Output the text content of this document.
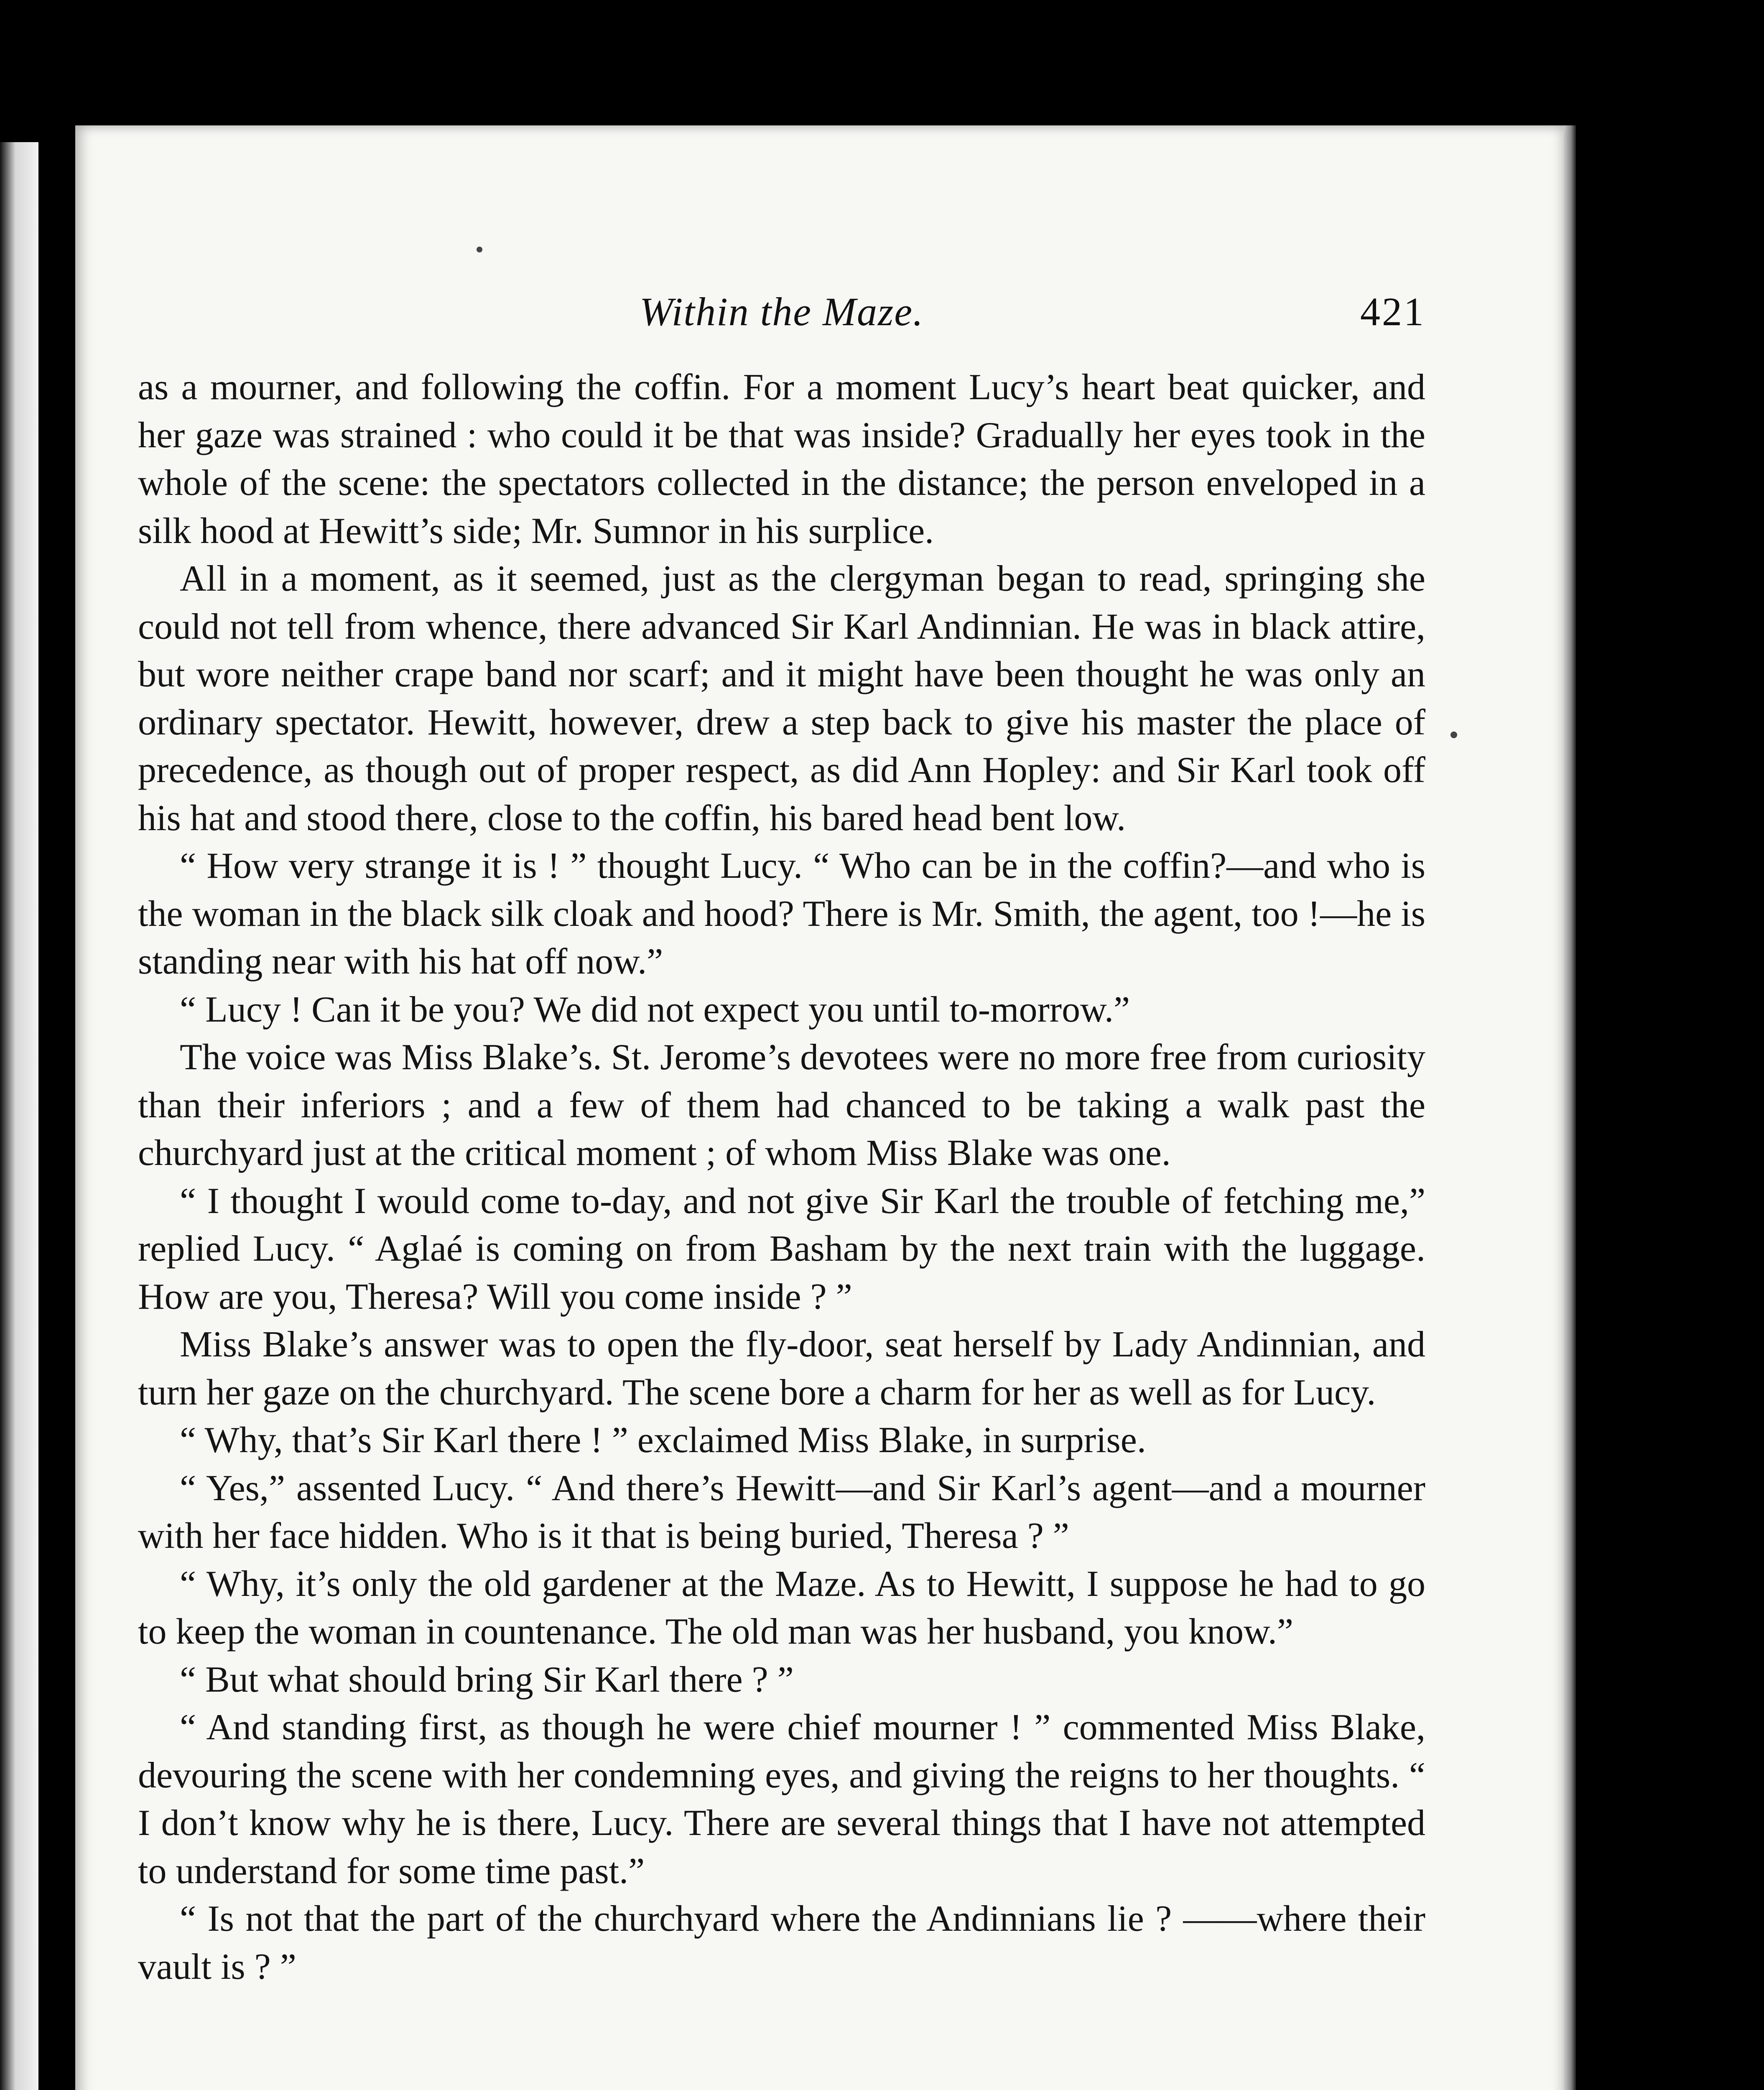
Within the Maze.	421

as a mourner, and following the coffin. For a moment Lucy’s heart beat quicker, and her gaze was strained : who could it be that was inside? Gradually her eyes took in the whole of the scene: the spectators collected in the distance; the person enveloped in a silk hood at Hewitt’s side; Mr. Sumnor in his surplice.

All in a moment, as it seemed, just as the clergyman began to read, springing she could not tell from whence, there advanced Sir Karl Andinnian. He was in black attire, but wore neither crape band nor scarf; and it might have been thought he was only an ordinary spectator. Hewitt, however, drew a step back to give his master the place of precedence, as though out of proper respect, as did Ann Hopley: and Sir Karl took off his hat and stood there, close to the coffin, his bared head bent low.

“ How very strange it is ! ” thought Lucy. “ Who can be in the coffin?—and who is the woman in the black silk cloak and hood? There is Mr. Smith, the agent, too !—he is standing near with his hat off now.”

“ Lucy ! Can it be you? We did not expect you until to-morrow.”

The voice was Miss Blake’s. St. Jerome’s devotees were no more free from curiosity than their inferiors ; and a few of them had chanced to be taking a walk past the churchyard just at the critical moment ; of whom Miss Blake was one.

“ I thought I would come to-day, and not give Sir Karl the trouble of fetching me,” replied Lucy. “ Aglaé is coming on from Basham by the next train with the luggage. How are you, Theresa? Will you come inside ? ”

Miss Blake’s answer was to open the fly-door, seat herself by Lady Andinnian, and turn her gaze on the churchyard. The scene bore a charm for her as well as for Lucy.

“ Why, that’s Sir Karl there ! ” exclaimed Miss Blake, in surprise.

“ Yes,” assented Lucy. “ And there’s Hewitt—and Sir Karl’s agent—and a mourner with her face hidden. Who is it that is being buried, Theresa ? ”

“ Why, it’s only the old gardener at the Maze. As to Hewitt, I suppose he had to go to keep the woman in countenance. The old man was her husband, you know.”

“ But what should bring Sir Karl there ? ”

“ And standing first, as though he were chief mourner ! ” commented Miss Blake, devouring the scene with her condemning eyes, and giving the reigns to her thoughts. “ I don’t know why he is there, Lucy. There are several things that I have not attempted to understand for some time past.”

“ Is not that the part of the churchyard where the Andinnians lie ? ——where their vault is ? ”
